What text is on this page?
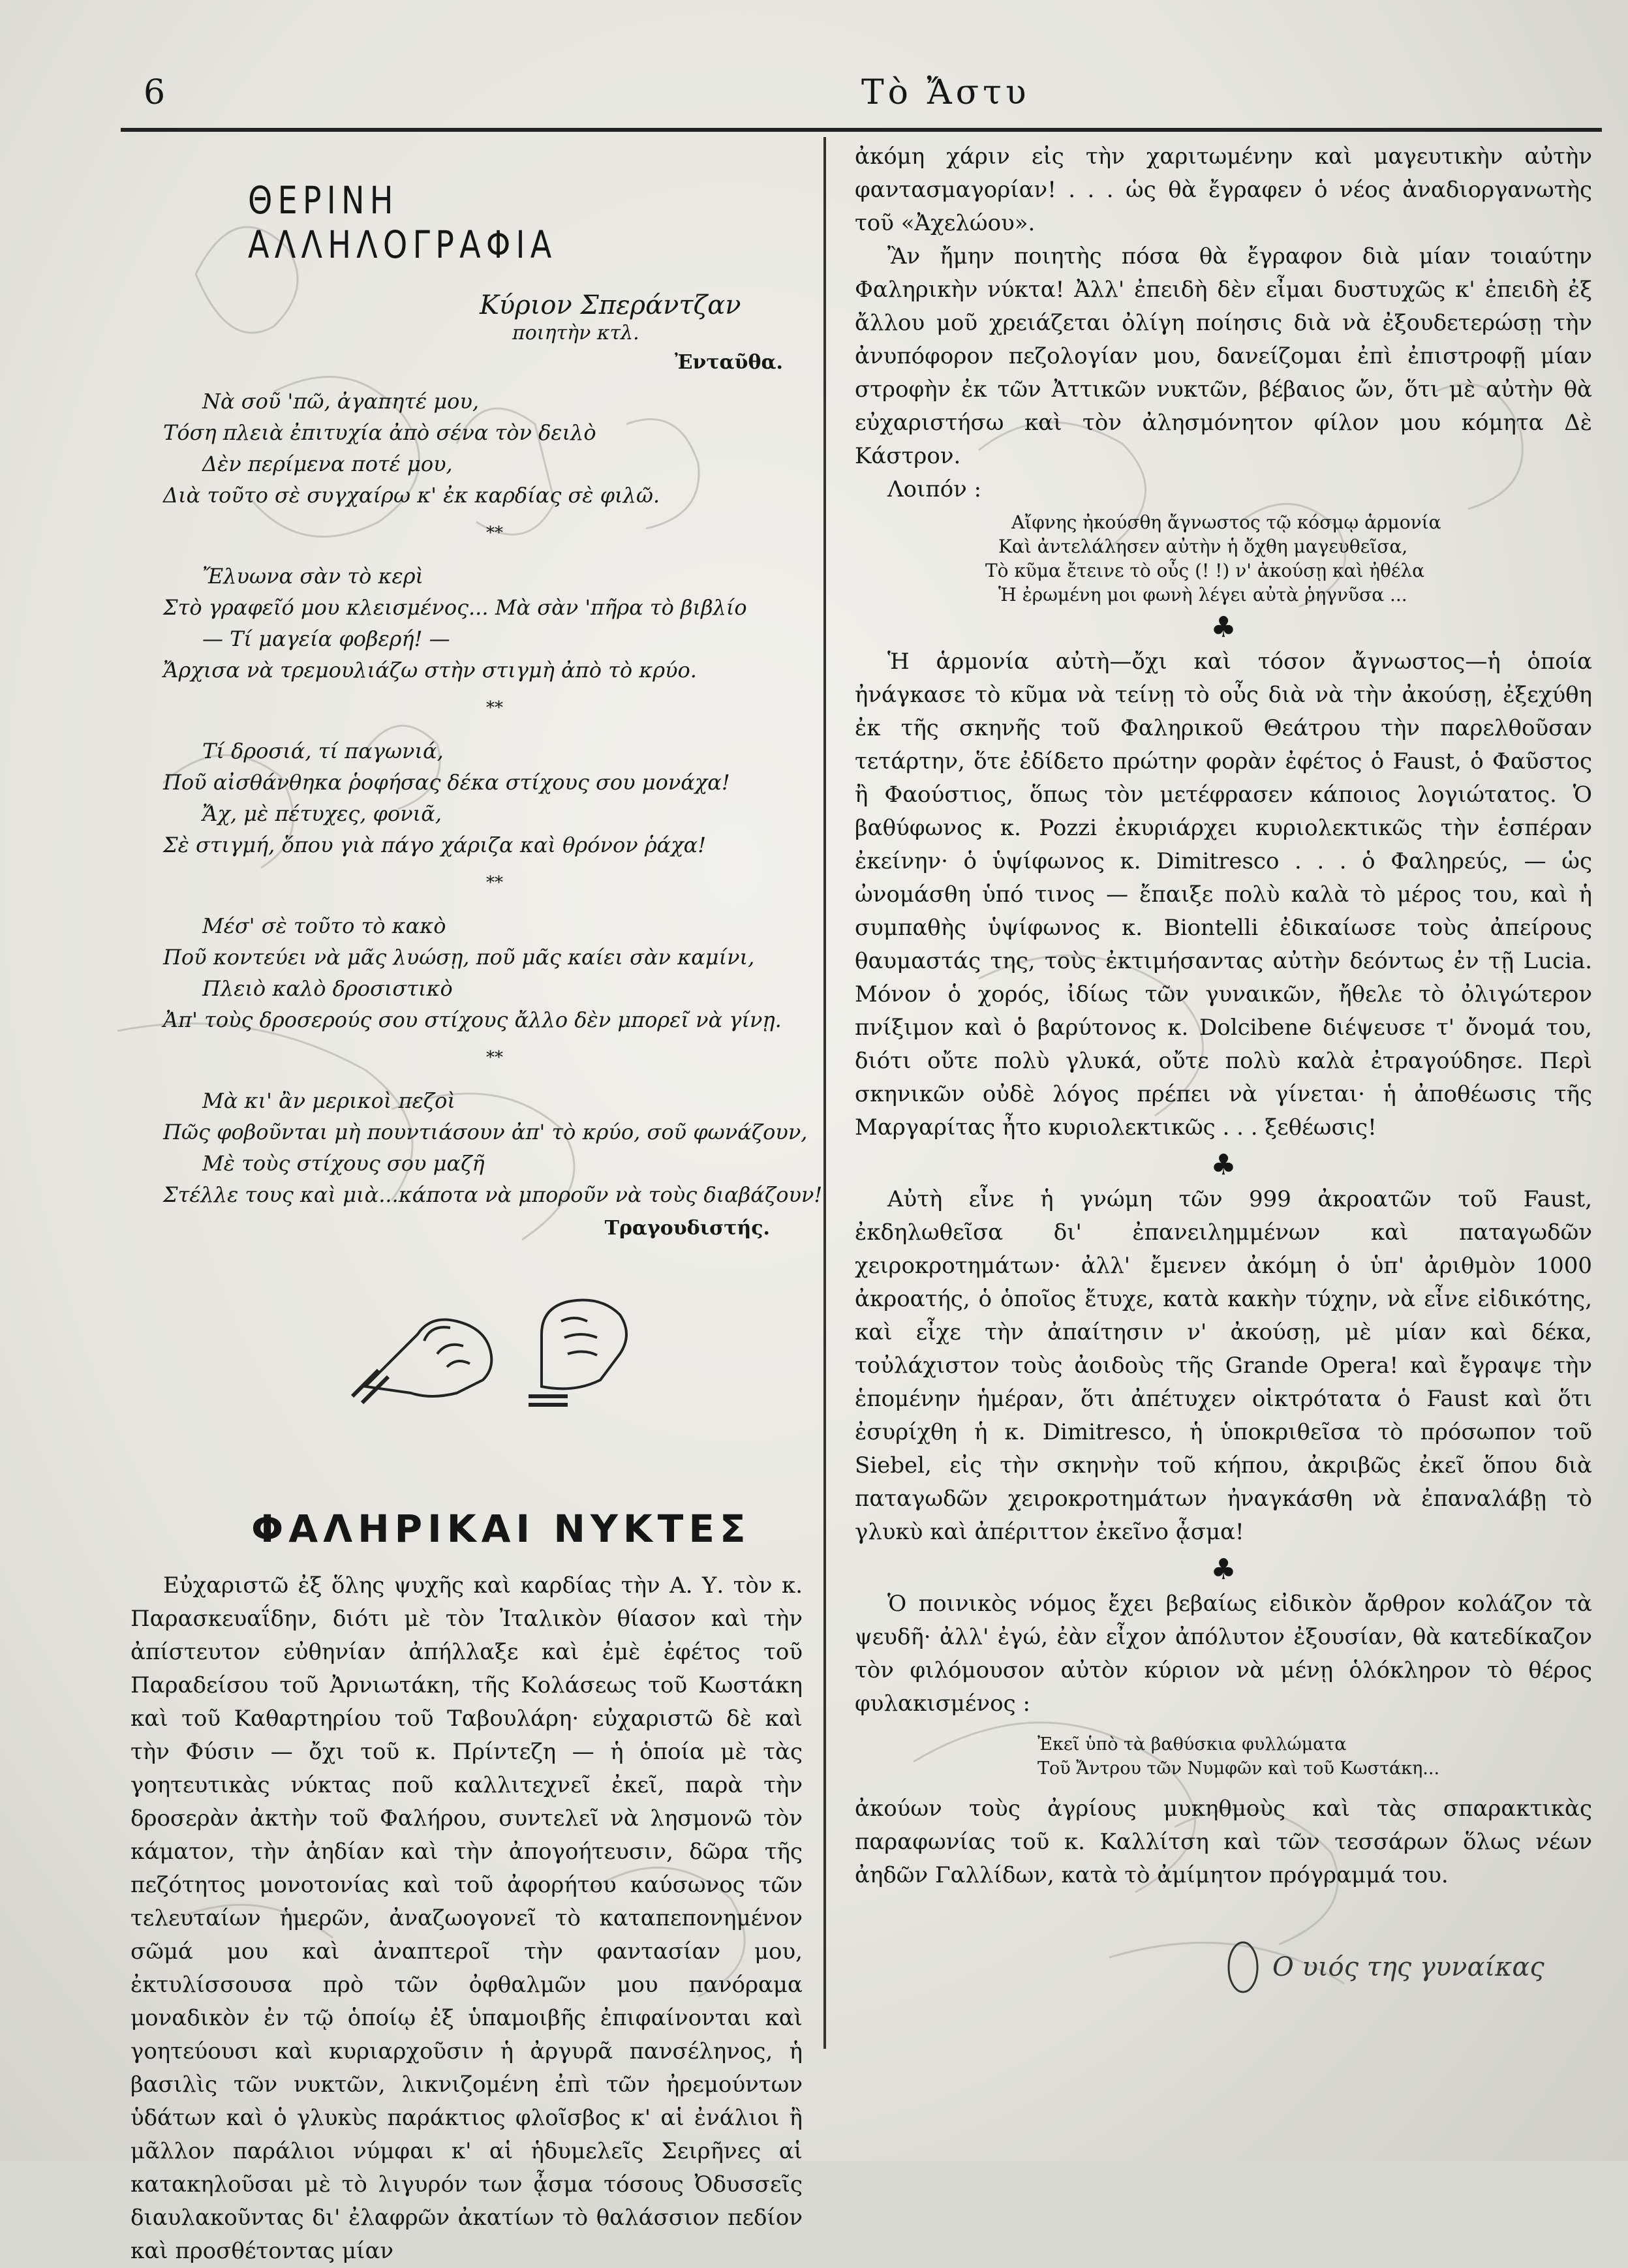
6	Τὸ Ἄστυ
ΘΕΡΙΝΗ ΑΛΛΗΛΟΓΡΑΦΙΑ
Κύριον Σπεράντζαν
ποιητὴν κτλ.
Ἐνταῦθα.
Νὰ σοῦ 'πῶ, ἀγαπητέ μου,
Τόση πλειὰ ἐπιτυχία ἀπὸ σένα τὸν δειλὸ
Δὲν περίμενα ποτέ μου,
Διὰ τοῦτο σὲ συγχαίρω κ' ἐκ καρδίας σὲ φιλῶ.
**
Ἔλυωνα σὰν τὸ κερὶ
Στὸ γραφεῖό μου κλεισμένος... Μὰ σὰν 'πῆρα τὸ βιβλίο
— Τί μαγεία φοβερή! —
Ἄρχισα νὰ τρεμουλιάζω στὴν στιγμὴ ἀπὸ τὸ κρύο.
**
Τί δροσιά, τί παγωνιά,
Ποῦ αἰσθάνθηκα ῥοφήσας δέκα στίχους σου μονάχα!
Ἄχ, μὲ πέτυχες, φονιᾶ,
Σὲ στιγμή, ὅπου γιὰ πάγο χάριζα καὶ θρόνον ῥάχα!
**
Μέσ' σὲ τοῦτο τὸ κακὸ
Ποῦ κοντεύει νὰ μᾶς λυώσῃ, ποῦ μᾶς καίει σὰν καμίνι,
Πλειὸ καλὸ δροσιστικὸ
Ἀπ' τοὺς δροσερούς σου στίχους ἄλλο δὲν μπορεῖ νὰ γίνῃ.
**
Μὰ κι' ἂν μερικοὶ πεζοὶ
Πῶς φοβοῦνται μὴ πουντιάσουν ἀπ' τὸ κρύο, σοῦ φωνάζουν,
Μὲ τοὺς στίχους σου μαζῆ
Στέλλε τους καὶ μιὰ...κάποτα νὰ μποροῦν νὰ τοὺς διαβάζουν!
Τραγουδιστής.
ΦΑΛΗΡΙΚΑΙ ΝΥΚΤΕΣ

Εὐχαριστῶ ἐξ ὅλης ψυχῆς καὶ καρδίας τὴν Α. Υ. τὸν κ. Παρασκευαΐδην, διότι μὲ τὸν Ἰταλικὸν θίασον καὶ τὴν ἀπίστευτον εὐθηνίαν ἀπήλλαξε καὶ ἐμὲ ἐφέτος τοῦ Παραδείσου τοῦ Ἀρνιωτάκη, τῆς Κολάσεως τοῦ Κωστάκη καὶ τοῦ Καθαρτηρίου τοῦ Ταβουλάρη· εὐχαριστῶ δὲ καὶ τὴν Φύσιν — ὄχι τοῦ κ. Πρίντεζη — ἡ ὁποία μὲ τὰς γοητευτικὰς νύκτας ποῦ καλλιτεχνεῖ ἐκεῖ, παρὰ τὴν δροσερὰν ἀκτὴν τοῦ Φαλήρου, συντελεῖ νὰ λησμονῶ τὸν κάματον, τὴν ἀηδίαν καὶ τὴν ἀπογοήτευσιν, δῶρα τῆς πεζότητος μονοτονίας καὶ τοῦ ἀφορήτου καύσωνος τῶν τελευταίων ἡμερῶν, ἀναζωογονεῖ τὸ καταπεπονημένον σῶμά μου καὶ ἀναπτεροῖ τὴν φαντασίαν μου, ἐκτυλίσσουσα πρὸ τῶν ὀφθαλμῶν μου πανόραμα μοναδικὸν ἐν τῷ ὁποίῳ ἐξ ὑπαμοιβῆς ἐπιφαίνονται καὶ γοητεύουσι καὶ κυριαρχοῦσιν ἡ ἀργυρᾶ πανσέληνος, ἡ βασιλὶς τῶν νυκτῶν, λικνιζομένη ἐπὶ τῶν ἠρεμούντων ὑδάτων καὶ ὁ γλυκὺς παράκτιος φλοῖσβος κ' αἱ ἐνάλιοι ἢ μᾶλλον παράλιοι νύμφαι κ' αἱ ἡδυμελεῖς Σειρῆνες αἱ κατακηλοῦσαι μὲ τὸ λιγυρόν των ᾆσμα τόσους Ὀδυσσεῖς διαυλακοῦντας δι' ἐλαφρῶν ἀκατίων τὸ θαλάσσιον πεδίον καὶ προσθέτοντας μίαν

ἀκόμη χάριν εἰς τὴν χαριτωμένην καὶ μαγευτικὴν αὐτὴν φαντασμαγορίαν! . . . ὡς θὰ ἔγραφεν ὁ νέος ἀναδιοργανωτὴς τοῦ «Ἀχελώου».

Ἂν ἤμην ποιητὴς πόσα θὰ ἔγραφον διὰ μίαν τοιαύτην Φαληρικὴν νύκτα! Ἀλλ' ἐπειδὴ δὲν εἶμαι δυστυχῶς κ' ἐπειδὴ ἐξ ἄλλου μοῦ χρειάζεται ὀλίγη ποίησις διὰ νὰ ἐξουδετερώσῃ τὴν ἀνυπόφορον πεζολογίαν μου, δανείζομαι ἐπὶ ἐπιστροφῇ μίαν στροφὴν ἐκ τῶν Ἀττικῶν νυκτῶν, βέβαιος ὤν, ὅτι μὲ αὐτὴν θὰ εὐχαριστήσω καὶ τὸν ἀλησμόνητον φίλον μου κόμητα Δὲ Κάστρον.

Λοιπόν :

Αἴφνης ἠκούσθη ἄγνωστος τῷ κόσμῳ ἁρμονία
Καὶ ἀντελάλησεν αὐτὴν ἡ ὄχθη μαγευθεῖσα,
Τὸ κῦμα ἔτεινε τὸ οὖς (! !) ν' ἀκούσῃ καὶ ἠθέλα
Ἡ ἐρωμένη μοι φωνὴ λέγει αὐτὰ ῥηγνῦσα ...
♣

Ἡ ἁρμονία αὐτὴ—ὄχι καὶ τόσον ἄγνωστος—ἡ ὁποία ἠνάγκασε τὸ κῦμα νὰ τείνῃ τὸ οὖς διὰ νὰ τὴν ἀκούσῃ, ἐξεχύθη ἐκ τῆς σκηνῆς τοῦ Φαληρικοῦ Θεάτρου τὴν παρελθοῦσαν τετάρτην, ὅτε ἐδίδετο πρώτην φορὰν ἐφέτος ὁ Faust, ὁ Φαῦστος ἢ Φαούστιος, ὅπως τὸν μετέφρασεν κάποιος λογιώτατος. Ὁ βαθύφωνος κ. Pozzi ἐκυριάρχει κυριολεκτικῶς τὴν ἑσπέραν ἐκείνην· ὁ ὑψίφωνος κ. Dimitresco . . . ὁ Φαληρεύς, — ὡς ὠνομάσθη ὑπό τινος — ἔπαιξε πολὺ καλὰ τὸ μέρος του, καὶ ἡ συμπαθὴς ὑψίφωνος κ. Biontelli ἐδικαίωσε τοὺς ἀπείρους θαυμαστάς της, τοὺς ἐκτιμήσαντας αὐτὴν δεόντως ἐν τῇ Lucia. Μόνον ὁ χορός, ἰδίως τῶν γυναικῶν, ἤθελε τὸ ὀλιγώτερον πνίξιμον καὶ ὁ βαρύτονος κ. Dolcibene διέψευσε τ' ὄνομά του, διότι οὔτε πολὺ γλυκά, οὔτε πολὺ καλὰ ἐτραγούδησε. Περὶ σκηνικῶν οὐδὲ λόγος πρέπει νὰ γίνεται· ἡ ἀποθέωσις τῆς Μαργαρίτας ἦτο κυριολεκτικῶς . . . ξεθέωσις!

♣

Αὐτὴ εἶνε ἡ γνώμη τῶν 999 ἀκροατῶν τοῦ Faust, ἐκδηλωθεῖσα δι' ἐπανειλημμένων καὶ παταγωδῶν χειροκροτημάτων· ἀλλ' ἔμενεν ἀκόμη ὁ ὑπ' ἀριθμὸν 1000 ἀκροατής, ὁ ὁποῖος ἔτυχε, κατὰ κακὴν τύχην, νὰ εἶνε εἰδικότης, καὶ εἶχε τὴν ἀπαίτησιν ν' ἀκούσῃ, μὲ μίαν καὶ δέκα, τοὐλάχιστον τοὺς ἀοιδοὺς τῆς Grande Opera! καὶ ἔγραψε τὴν ἑπομένην ἡμέραν, ὅτι ἀπέτυχεν οἰκτρότατα ὁ Faust καὶ ὅτι ἐσυρίχθη ἡ κ. Dimitresco, ἡ ὑποκριθεῖσα τὸ πρόσωπον τοῦ Siebel, εἰς τὴν σκηνὴν τοῦ κήπου, ἀκριβῶς ἐκεῖ ὅπου διὰ παταγωδῶν χειροκροτημάτων ἠναγκάσθη νὰ ἐπαναλάβῃ τὸ γλυκὺ καὶ ἀπέριττον ἐκεῖνο ᾆσμα!

♣

Ὁ ποινικὸς νόμος ἔχει βεβαίως εἰδικὸν ἄρθρον κολάζον τὰ ψευδῆ· ἀλλ' ἐγώ, ἐὰν εἶχον ἀπόλυτον ἐξουσίαν, θὰ κατεδίκαζον τὸν φιλόμουσον αὐτὸν κύριον νὰ μένῃ ὁλόκληρον τὸ θέρος φυλακισμένος :

Ἐκεῖ ὑπὸ τὰ βαθύσκια φυλλώματα
Τοῦ Ἄντρου τῶν Νυμφῶν καὶ τοῦ Κωστάκη...

ἀκούων τοὺς ἀγρίους μυκηθμοὺς καὶ τὰς σπαρακτικὰς παραφωνίας τοῦ κ. Καλλίτση καὶ τῶν τεσσάρων ὅλως νέων ἀηδῶν Γαλλίδων, κατὰ τὸ ἀμίμητον πρόγραμμά του.

Ο υιός της γυναίκας
